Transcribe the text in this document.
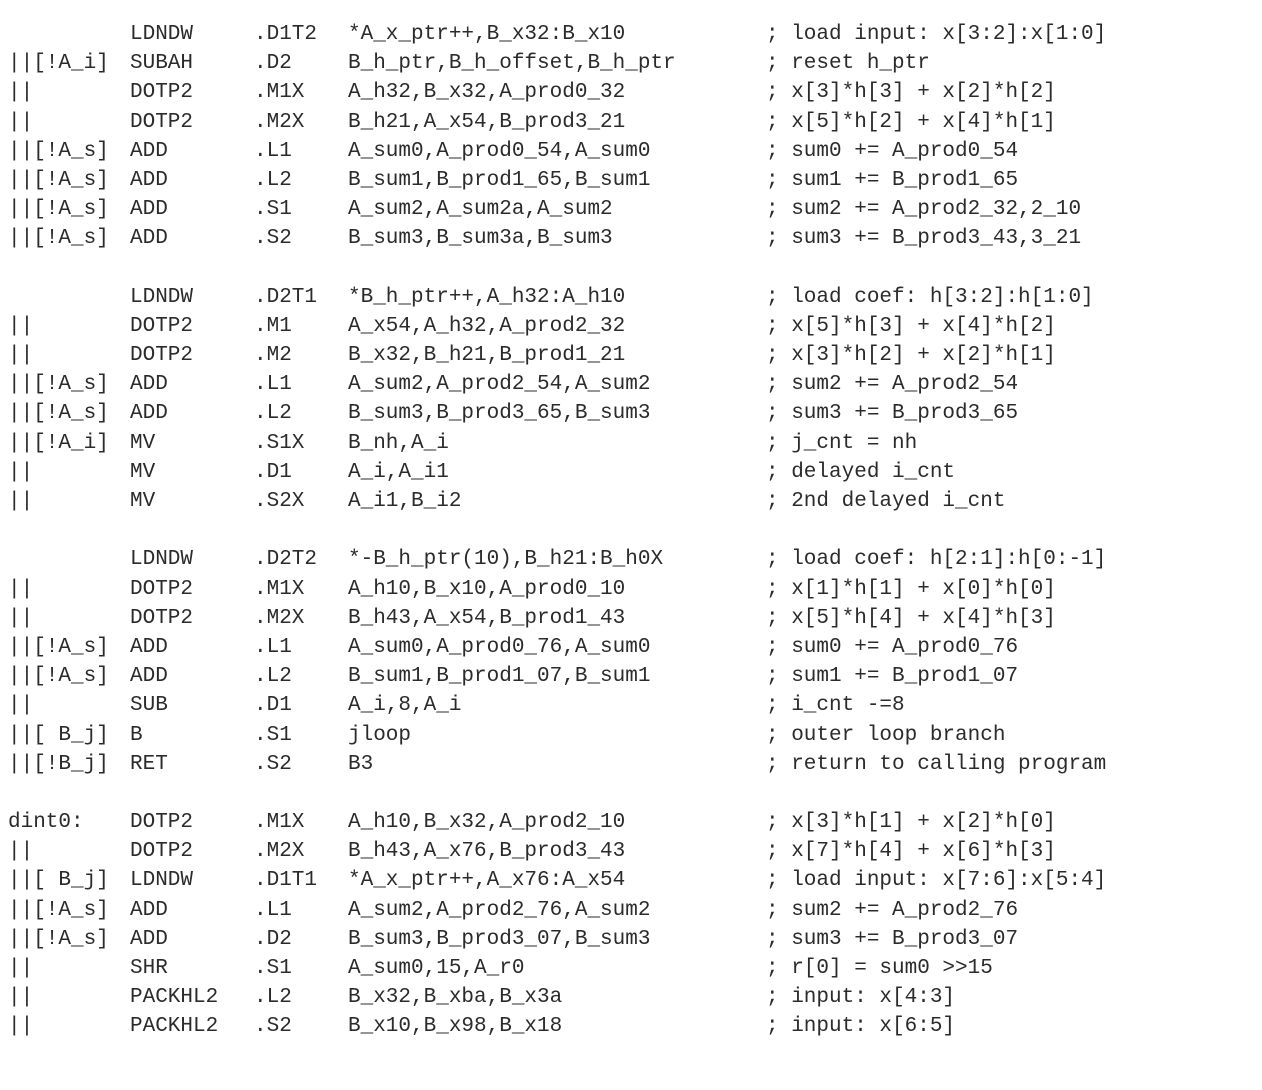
LDNDW	.D1T2 *A_x_ptr++,B_x32:B_x10	; load input: x[3:2]:x[1:0]
||[!A_i] SUBAH	.D2	B_h_ptr,B_h_offset,B_h_ptr	; reset h_ptr
||	DOTP2	.M1X A_h32,B_x32,A_prod0_32	; x[3]*h[3] + x[2]*h[2]
||	DOTP2	.M2X B_h21,A_x54,B_prod3_21	; x[5]*h[2] + x[4]*h[1]
||[!A_s] ADD	.L1	A_sum0,A_prod0_54,A_sum0	; sum0 += A_prod0_54
||[!A_s] ADD	.L2	B_sum1,B_prod1_65,B_sum1	; sum1 += B_prod1_65
||[!A_s] ADD	.S1	A_sum2,A_sum2a,A_sum2	; sum2 += A_prod2_32,2_10
||[!A_s] ADD	.S2	B_sum3,B_sum3a,B_sum3	; sum3 += B_prod3_43,3_21
LDNDW	.D2T1 *B_h_ptr++,A_h32:A_h10	; load coef: h[3:2]:h[1:0]
||	DOTP2	.M1	A_x54,A_h32,A_prod2_32	; x[5]*h[3] + x[4]*h[2]
||	DOTP2	.M2	B_x32,B_h21,B_prod1_21	; x[3]*h[2] + x[2]*h[1]
||[!A_s] ADD	.L1	A_sum2,A_prod2_54,A_sum2	; sum2 += A_prod2_54
||[!A_s] ADD	.L2	B_sum3,B_prod3_65,B_sum3	; sum3 += B_prod3_65
||[!A_i] MV	.S1X B_nh,A_i	; j_cnt = nh
||	MV	.D1	A_i,A_i1	; delayed i_cnt
||	MV	.S2X A_i1,B_i2	; 2nd delayed i_cnt
LDNDW	.D2T2 *-B_h_ptr(10),B_h21:B_h0X	; load coef: h[2:1]:h[0:-1]
||	DOTP2	.M1X A_h10,B_x10,A_prod0_10	; x[1]*h[1] + x[0]*h[0]
||	DOTP2	.M2X B_h43,A_x54,B_prod1_43	; x[5]*h[4] + x[4]*h[3]
||[!A_s] ADD	.L1	A_sum0,A_prod0_76,A_sum0	; sum0 += A_prod0_76
||[!A_s] ADD	.L2	B_sum1,B_prod1_07,B_sum1	; sum1 += B_prod1_07
||	SUB	.D1	A_i,8,A_i	; i_cnt -=8
||[ B_j] B	.S1	jloop	; outer loop branch
||[!B_j] RET	.S2	B3	; return to calling program
dint0: DOTP2	.M1X A_h10,B_x32,A_prod2_10	; x[3]*h[1] + x[2]*h[0]
||	DOTP2	.M2X B_h43,A_x76,B_prod3_43	; x[7]*h[4] + x[6]*h[3]
||[ B_j] LDNDW	.D1T1 *A_x_ptr++,A_x76:A_x54	; load input: x[7:6]:x[5:4]
||[!A_s] ADD	.L1	A_sum2,A_prod2_76,A_sum2	; sum2 += A_prod2_76
||[!A_s] ADD	.D2	B_sum3,B_prod3_07,B_sum3	; sum3 += B_prod3_07
||	SHR	.S1	A_sum0,15,A_r0	; r[0] = sum0 >>15
||	PACKHL2 .L2	B_x32,B_xba,B_x3a	; input: x[4:3]
||	PACKHL2 .S2	B_x10,B_x98,B_x18	; input: x[6:5]
